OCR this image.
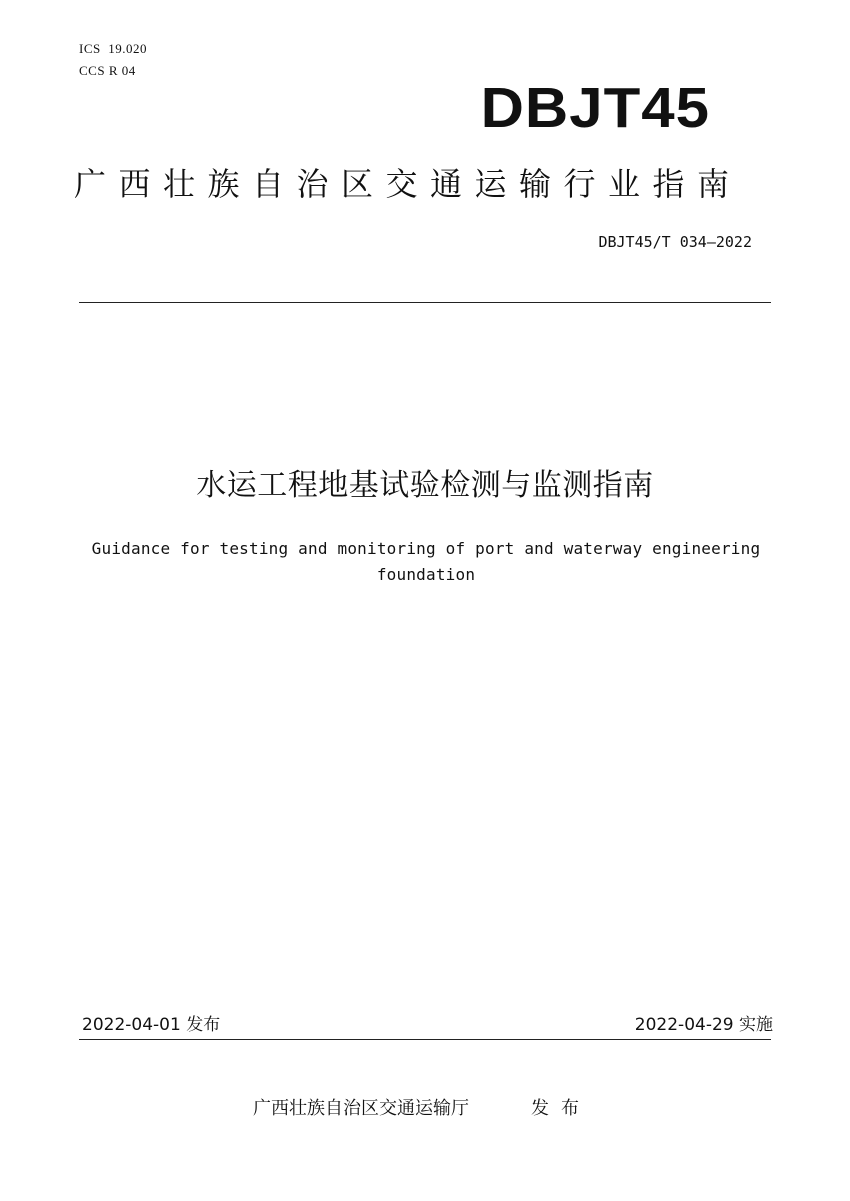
ICS  19.020
CCS R 04
DBJT45
广西壮族自治区交通运输行业指南
DBJT45/T 034—2022
水运工程地基试验检测与监测指南
Guidance for testing and monitoring of port and waterway engineering foundation
2022-04-01 发布	2022-04-29 实施
广西壮族自治区交通运输厅	发布
